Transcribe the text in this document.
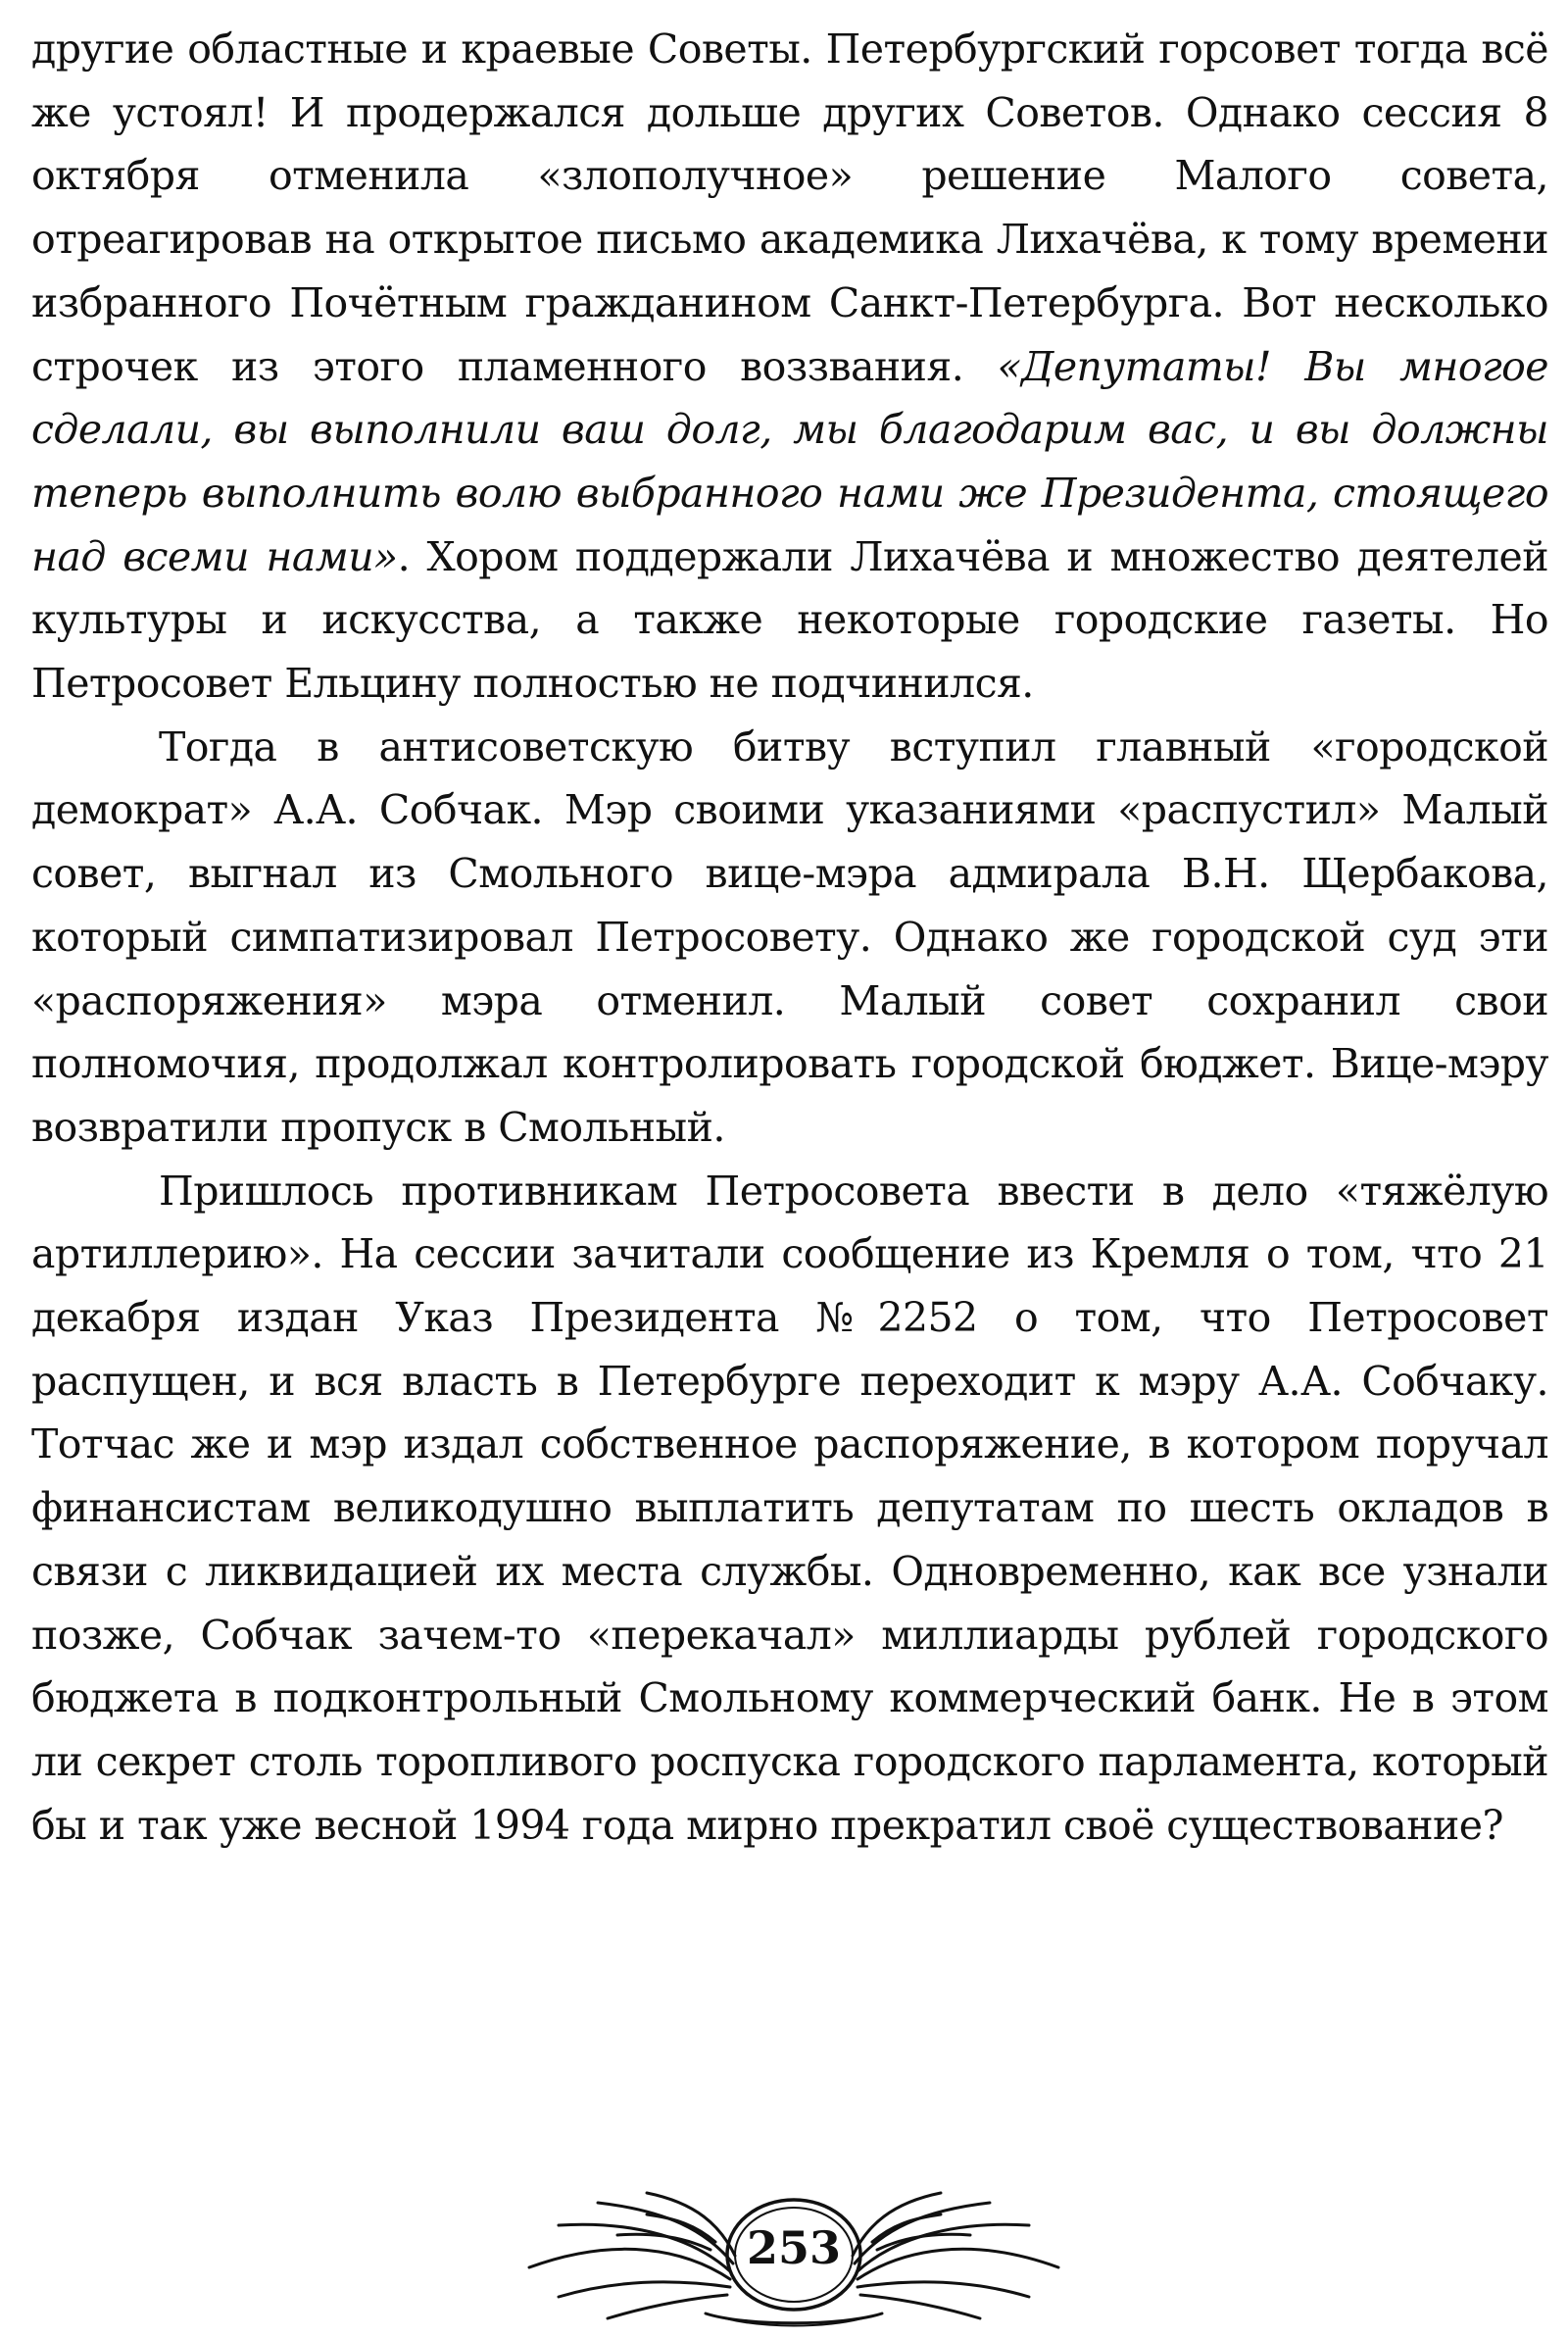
другие областные и краевые Советы. Петербургский горсовет тогда всё же устоял! И продержался дольше других Советов. Однако сессия 8 октября отменила «злополучное» решение Малого совета, отреагировав на открытое письмо академика Лихачёва, к тому времени избранного Почётным гражданином Санкт-Петербурга. Вот несколько строчек из этого пламенного воззвания. «Депутаты! Вы многое сделали, вы выполнили ваш долг, мы благодарим вас, и вы должны теперь выполнить волю выбранного нами же Президента, стоящего над всеми нами». Хором поддержали Лихачёва и множество деятелей культуры и искусства, а также некоторые городские газеты. Но Петросовет Ельцину полностью не подчинился.

Тогда в антисоветскую битву вступил главный «городской демократ» А.А. Собчак. Мэр своими указаниями «распустил» Малый совет, выгнал из Смольного вице-мэра адмирала В.Н. Щербакова, который симпатизировал Петросовету. Однако же городской суд эти «распоряжения» мэра отменил. Малый совет сохранил свои полномочия, продолжал контролировать городской бюджет. Вице-мэру возвратили пропуск в Смольный.

Пришлось противникам Петросовета ввести в дело «тяжёлую артиллерию». На сессии зачитали сообщение из Кремля о том, что 21 декабря издан Указ Президента №2252 о том, что Петросовет распущен, и вся власть в Петербурге переходит к мэру А.А. Собчаку. Тотчас же и мэр издал собственное распоряжение, в котором поручал финансистам великодушно выплатить депутатам по шесть окладов в связи с ликвидацией их места службы. Одновременно, как все узнали позже, Собчак зачем-то «перекачал» миллиарды рублей городского бюджета в подконтрольный Смольному коммерческий банк. Не в этом ли секрет столь торопливого роспуска городского парламента, который бы и так уже весной 1994 года мирно прекратил своё существование?

253
